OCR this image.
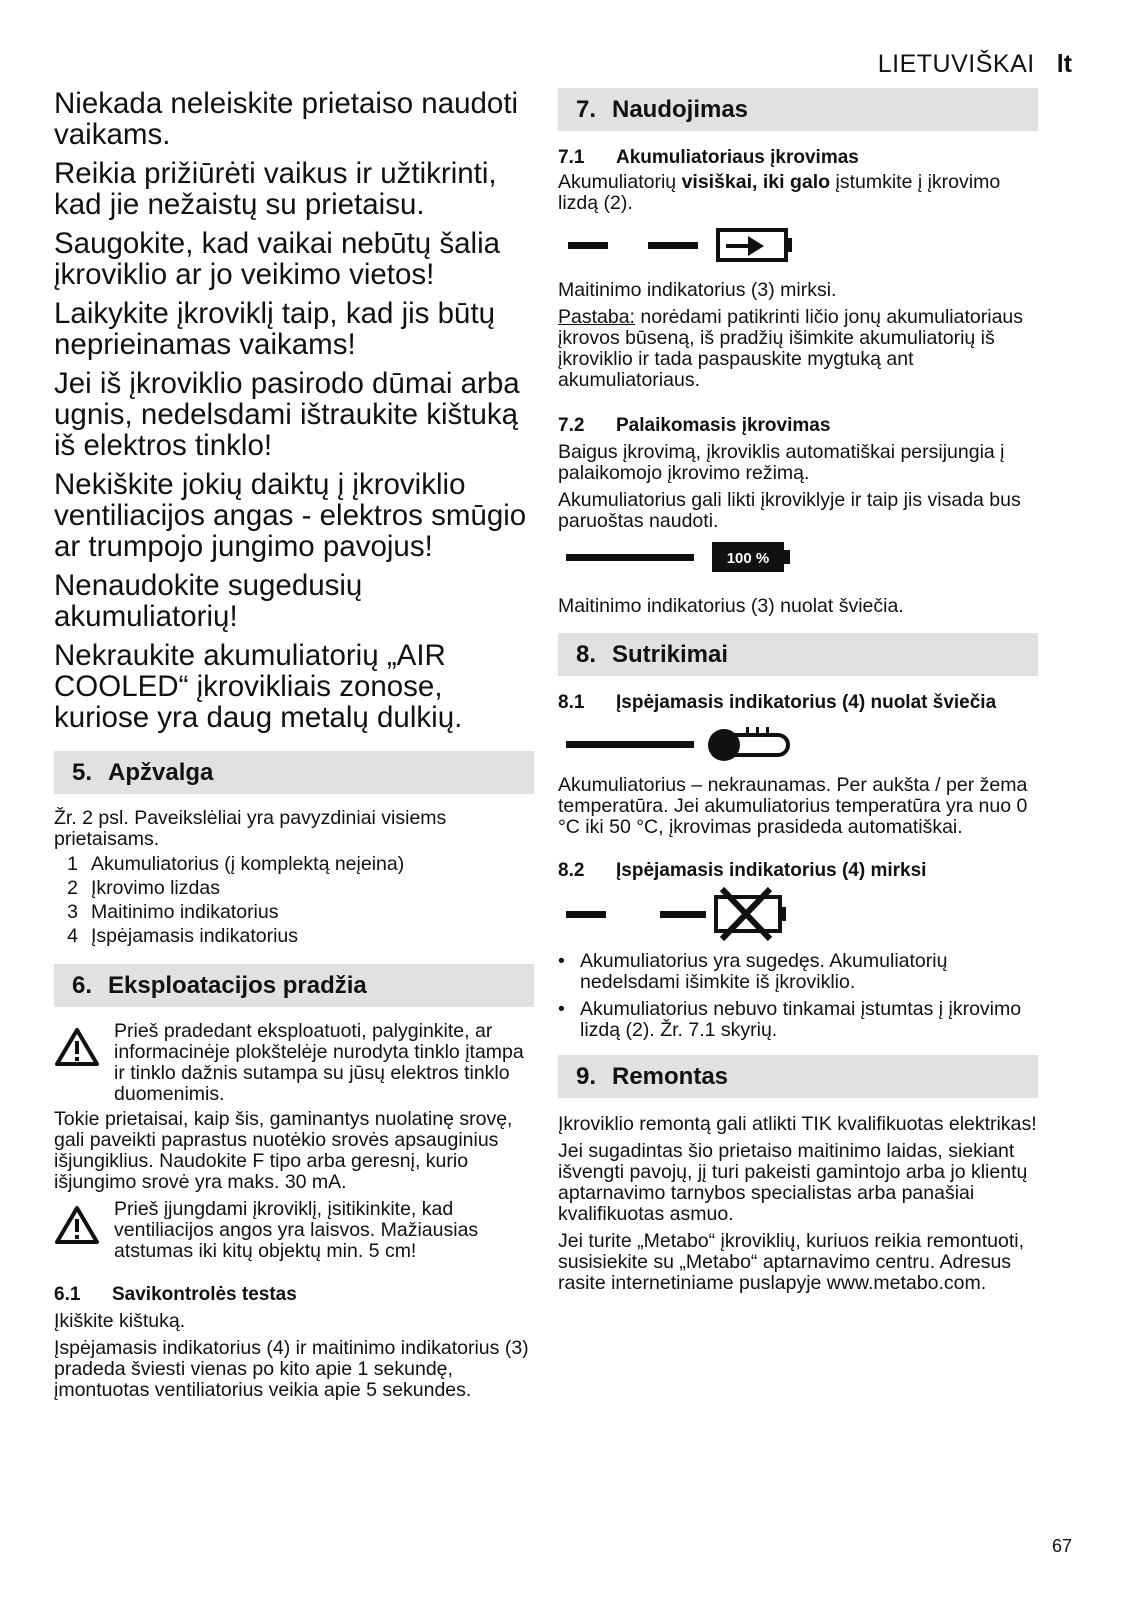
LIETUVIŠKAI lt

Niekada neleiskite prietaiso naudoti vaikams.

Reikia prižiūrėti vaikus ir užtikrinti, kad jie nežaistų su prietaisu.

Saugokite, kad vaikai nebūtų šalia įkroviklio ar jo veikimo vietos!

Laikykite įkroviklį taip, kad jis būtų neprieinamas vaikams!

Jei iš įkroviklio pasirodo dūmai arba ugnis, nedelsdami ištraukite kištuką iš elektros tinklo!

Nekiškite jokių daiktų į įkroviklio ventiliacijos angas - elektros smūgio ar trumpojo jungimo pavojus!

Nenaudokite sugedusių akumuliatorių!

Nekraukite akumuliatorių „AIR COOLED“ įkrovikliais zonose, kuriose yra daug metalų dulkių.

5. Apžvalga

Žr. 2 psl. Paveikslėliai yra pavyzdiniai visiems prietaisams.

1 Akumuliatorius (į komplektą neįeina)
2 Įkrovimo lizdas
3 Maitinimo indikatorius
4 Įspėjamasis indikatorius
6. Eksploatacijos pradžia

Prieš pradedant eksploatuoti, palyginkite, ar informacinėje plokštelėje nurodyta tinklo įtampa ir tinklo dažnis sutampa su jūsų elektros tinklo duomenimis.

Tokie prietaisai, kaip šis, gaminantys nuolatinę srovę, gali paveikti paprastus nuotėkio srovės apsauginius išjungiklius. Naudokite F tipo arba geresnį, kurio išjungimo srovė yra maks. 30 mA.

Prieš įjungdami įkroviklį, įsitikinkite, kad ventiliacijos angos yra laisvos. Mažiausias atstumas iki kitų objektų min. 5 cm!

6.1	Savikontrolės testas

Įkiškite kištuką.

Įspėjamasis indikatorius (4) ir maitinimo indikatorius (3) pradeda šviesti vienas po kito apie 1 sekundę, įmontuotas ventiliatorius veikia apie 5 sekundes.

7. Naudojimas
7.1	Akumuliatoriaus įkrovimas

Akumuliatorių visiškai, iki galo įstumkite į įkrovimo lizdą (2).

Maitinimo indikatorius (3) mirksi.

Pastaba: norėdami patikrinti ličio jonų akumuliatoriaus įkrovos būseną, iš pradžių išimkite akumuliatorių iš įkroviklio ir tada paspauskite mygtuką ant akumuliatoriaus.

7.2	Palaikomasis įkrovimas

Baigus įkrovimą, įkroviklis automatiškai persijungia į palaikomojo įkrovimo režimą.

Akumuliatorius gali likti įkroviklyje ir taip jis visada bus paruoštas naudoti.

100 %

Maitinimo indikatorius (3) nuolat šviečia.

8. Sutrikimai
8.1	Įspėjamasis indikatorius (4) nuolat šviečia

Akumuliatorius – nekraunamas. Per aukšta / per žema temperatūra. Jei akumuliatorius temperatūra yra nuo 0 °C iki 50 °C, įkrovimas prasideda automatiškai.

8.2	Įspėjamasis indikatorius (4) mirksi
• Akumuliatorius yra sugedęs. Akumuliatorių nedelsdami išimkite iš įkroviklio.
• Akumuliatorius nebuvo tinkamai įstumtas į įkrovimo lizdą (2). Žr. 7.1 skyrių.
9. Remontas

Įkroviklio remontą gali atlikti TIK kvalifikuotas elektrikas!

Jei sugadintas šio prietaiso maitinimo laidas, siekiant išvengti pavojų, jį turi pakeisti gamintojo arba jo klientų aptarnavimo tarnybos specialistas arba panašiai kvalifikuotas asmuo.

Jei turite „Metabo“ įkroviklių, kuriuos reikia remontuoti, susisiekite su „Metabo“ aptarnavimo centru. Adresus rasite internetiniame puslapyje www.metabo.com.

67
